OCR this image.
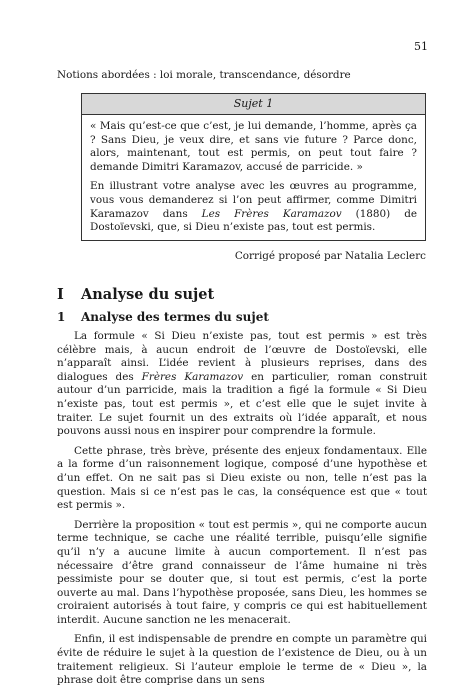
51
Notions abordées : loi morale, transcendance, désordre
Sujet 1

« Mais qu’est-ce que c’est, je lui demande, l’homme, après ça ? Sans Dieu, je veux dire, et sans vie future ? Parce donc, alors, maintenant, tout est permis, on peut tout faire ? demande Dimitri Karamazov, accusé de parricide. »

En illustrant votre analyse avec les œuvres au programme, vous vous demanderez si l’on peut affirmer, comme Dimitri Karamazov dans Les Frères Karamazov (1880) de Dostoïevski, que, si Dieu n’existe pas, tout est permis.

Corrigé proposé par Natalia Leclerc
I Analyse du sujet
1 Analyse des termes du sujet

La formule « Si Dieu n’existe pas, tout est permis » est très célèbre mais, à aucun endroit de l’œuvre de Dostoïevski, elle n’apparaît ainsi. L’idée revient à plusieurs reprises, dans des dialogues des Frères Karamazov en particulier, roman construit autour d’un parricide, mais la tradition a figé la formule « Si Dieu n’existe pas, tout est permis », et c’est elle que le sujet invite à traiter. Le sujet fournit un des extraits où l’idée apparaît, et nous pouvons aussi nous en inspirer pour comprendre la formule.

Cette phrase, très brève, présente des enjeux fondamentaux. Elle a la forme d’un raisonnement logique, composé d’une hypothèse et d’un effet. On ne sait pas si Dieu existe ou non, telle n’est pas la question. Mais si ce n’est pas le cas, la conséquence est que « tout est permis ».

Derrière la proposition « tout est permis », qui ne comporte aucun terme technique, se cache une réalité terrible, puisqu’elle signifie qu’il n’y a aucune limite à aucun comportement. Il n’est pas nécessaire d’être grand connaisseur de l’âme humaine ni très pessimiste pour se douter que, si tout est permis, c’est la porte ouverte au mal. Dans l’hypothèse proposée, sans Dieu, les hommes se croiraient autorisés à tout faire, y compris ce qui est habituellement interdit. Aucune sanction ne les menacerait.

Enfin, il est indispensable de prendre en compte un paramètre qui évite de réduire le sujet à la question de l’existence de Dieu, ou à un traitement religieux. Si l’auteur emploie le terme de « Dieu », la phrase doit être comprise dans un sens
